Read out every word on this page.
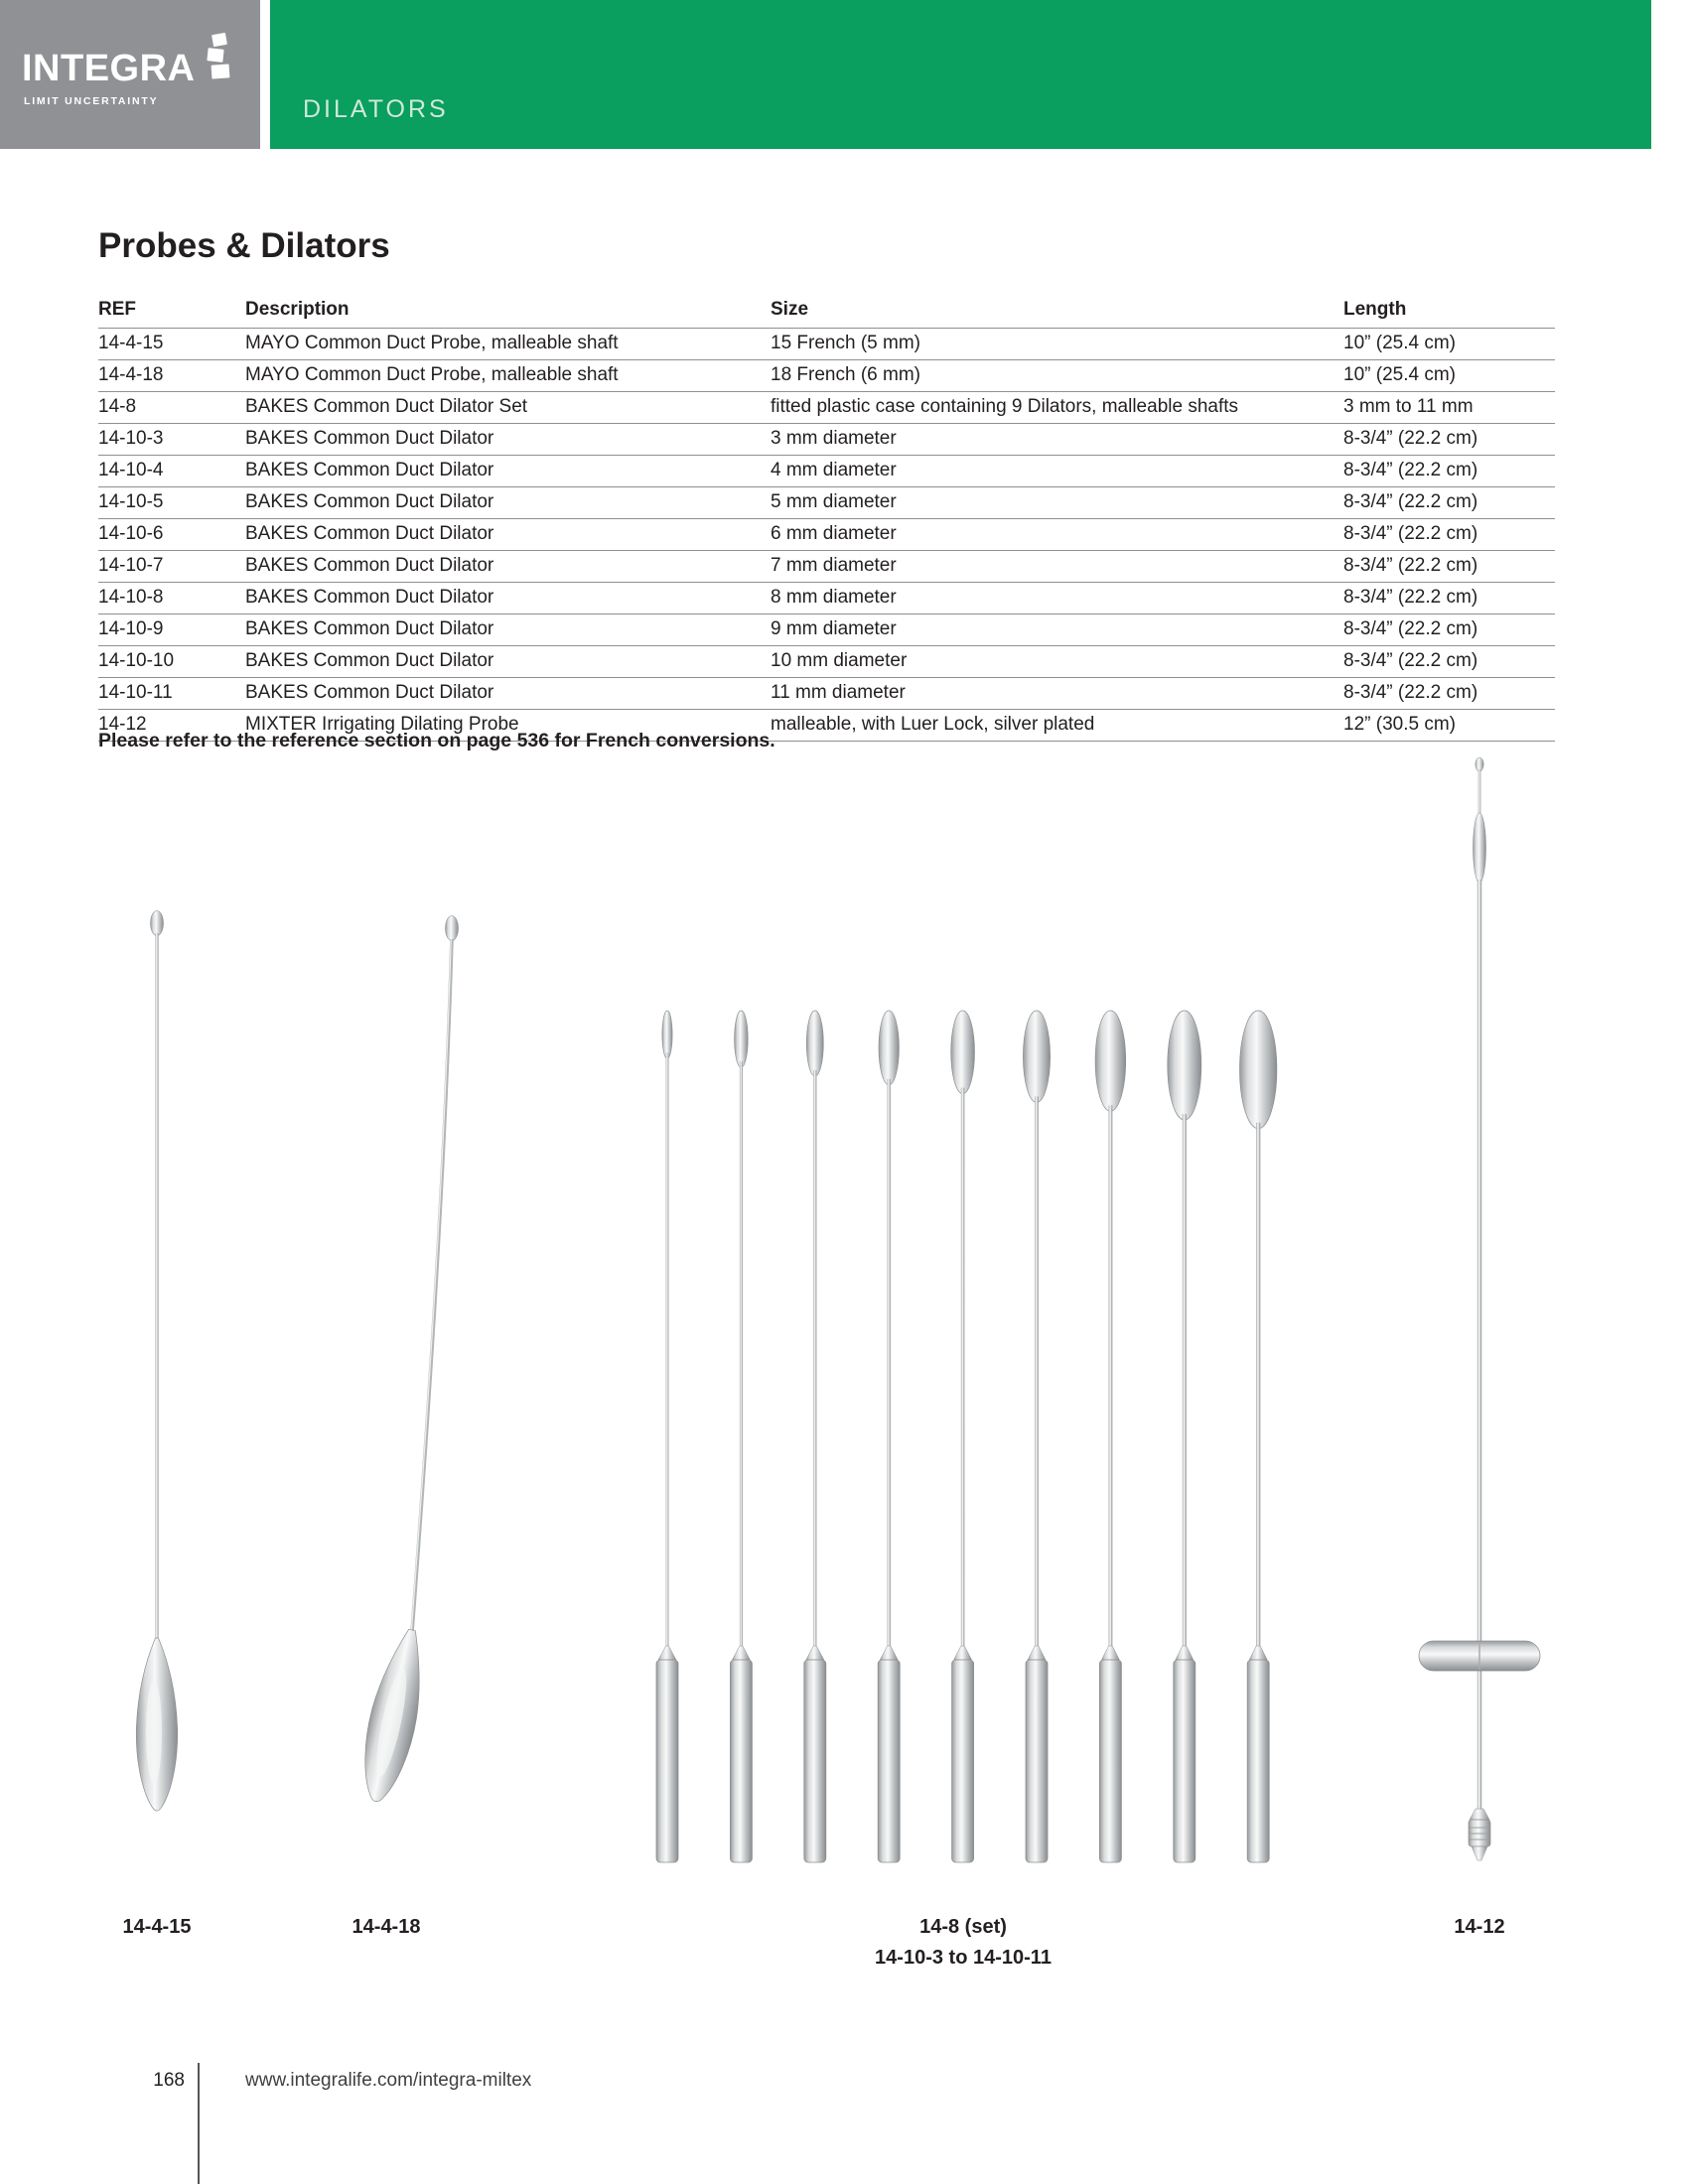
INTEGRA
LIMIT UNCERTAINTY	DILATORS
Probes & Dilators
REF	Description	Size	Length
14-4-15	MAYO Common Duct Probe, malleable shaft	15 French (5 mm)	10” (25.4 cm)
14-4-18	MAYO Common Duct Probe, malleable shaft	18 French (6 mm)	10” (25.4 cm)
14-8	BAKES Common Duct Dilator Set	fitted plastic case containing 9 Dilators, malleable shafts	3 mm to 11 mm
14-10-3	BAKES Common Duct Dilator	3 mm diameter	8-3/4” (22.2 cm)
14-10-4	BAKES Common Duct Dilator	4 mm diameter	8-3/4” (22.2 cm)
14-10-5	BAKES Common Duct Dilator	5 mm diameter	8-3/4” (22.2 cm)
14-10-6	BAKES Common Duct Dilator	6 mm diameter	8-3/4” (22.2 cm)
14-10-7	BAKES Common Duct Dilator	7 mm diameter	8-3/4” (22.2 cm)
14-10-8	BAKES Common Duct Dilator	8 mm diameter	8-3/4” (22.2 cm)
14-10-9	BAKES Common Duct Dilator	9 mm diameter	8-3/4” (22.2 cm)
14-10-10	BAKES Common Duct Dilator	10 mm diameter	8-3/4” (22.2 cm)
14-10-11	BAKES Common Duct Dilator	11 mm diameter	8-3/4” (22.2 cm)
14-12	MIXTER Irrigating Dilating Probe	malleable, with Luer Lock, silver plated	12” (30.5 cm)

Please refer to the reference section on page 536 for French conversions.

14-4-15	14-4-18	14-8 (set)
14-10-3 to 14-10-11
14-12
168	www.integralife.com/integra-miltex
